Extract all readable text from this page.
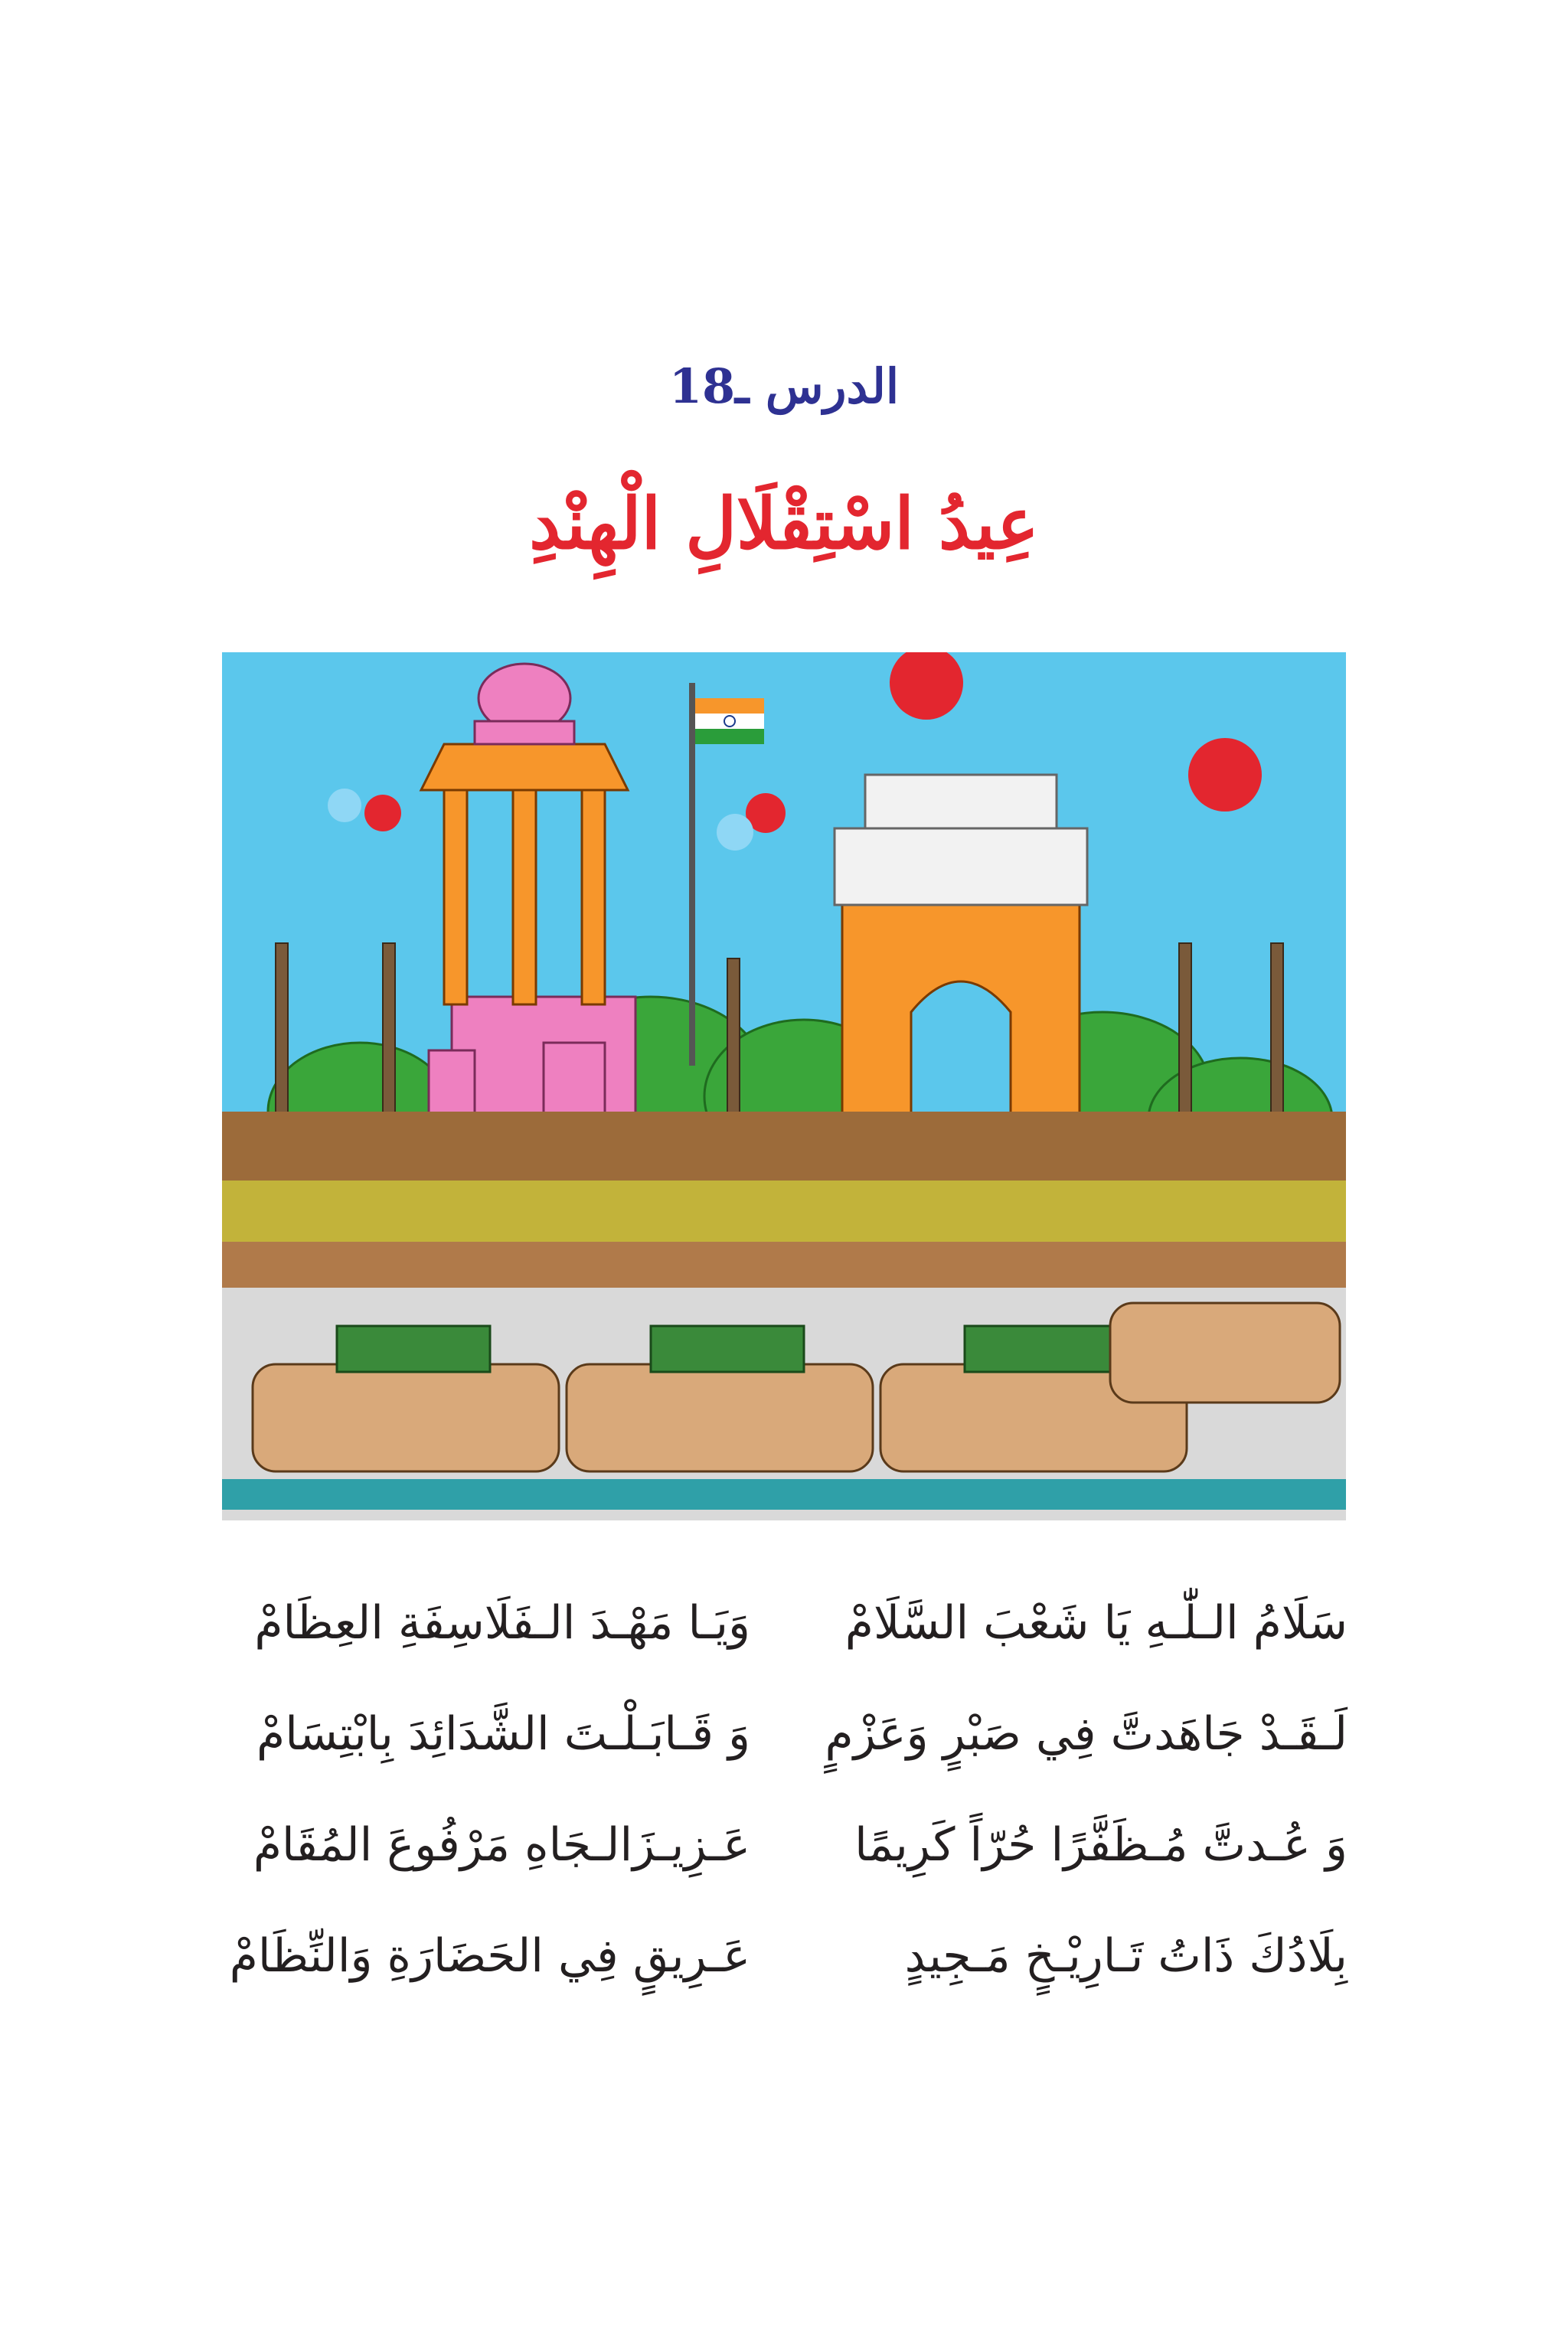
الدرس ـ18
عِيدُ اسْتِقْلَالِ الْهِنْدِ
سَلَامُ الـلّٰـهِ يَا شَعْبَ السَّلَامْ
وَيَـا مَهْـدَ الـفَلَاسِفَةِ العِظَامْ
لَـقَـدْ جَاهَدتَّ فِي صَبْرٍ وَعَزْمٍ
وَ قَـابَـلْـتَ الشَّدَائِدَ بِابْتِسَامْ
وَ عُـدتَّ مُـظَفَّرًا حُرّاً كَرِيمًا
عَـزِيـزَالـجَاهِ مَرْفُوعَ المُقَامْ
بِلَادُكَ ذَاتُ تَـارِيْـخٍ مَـجِيدٍ
عَـرِيقٍ فِي الحَضَارَةِ وَالنِّظَامْ
